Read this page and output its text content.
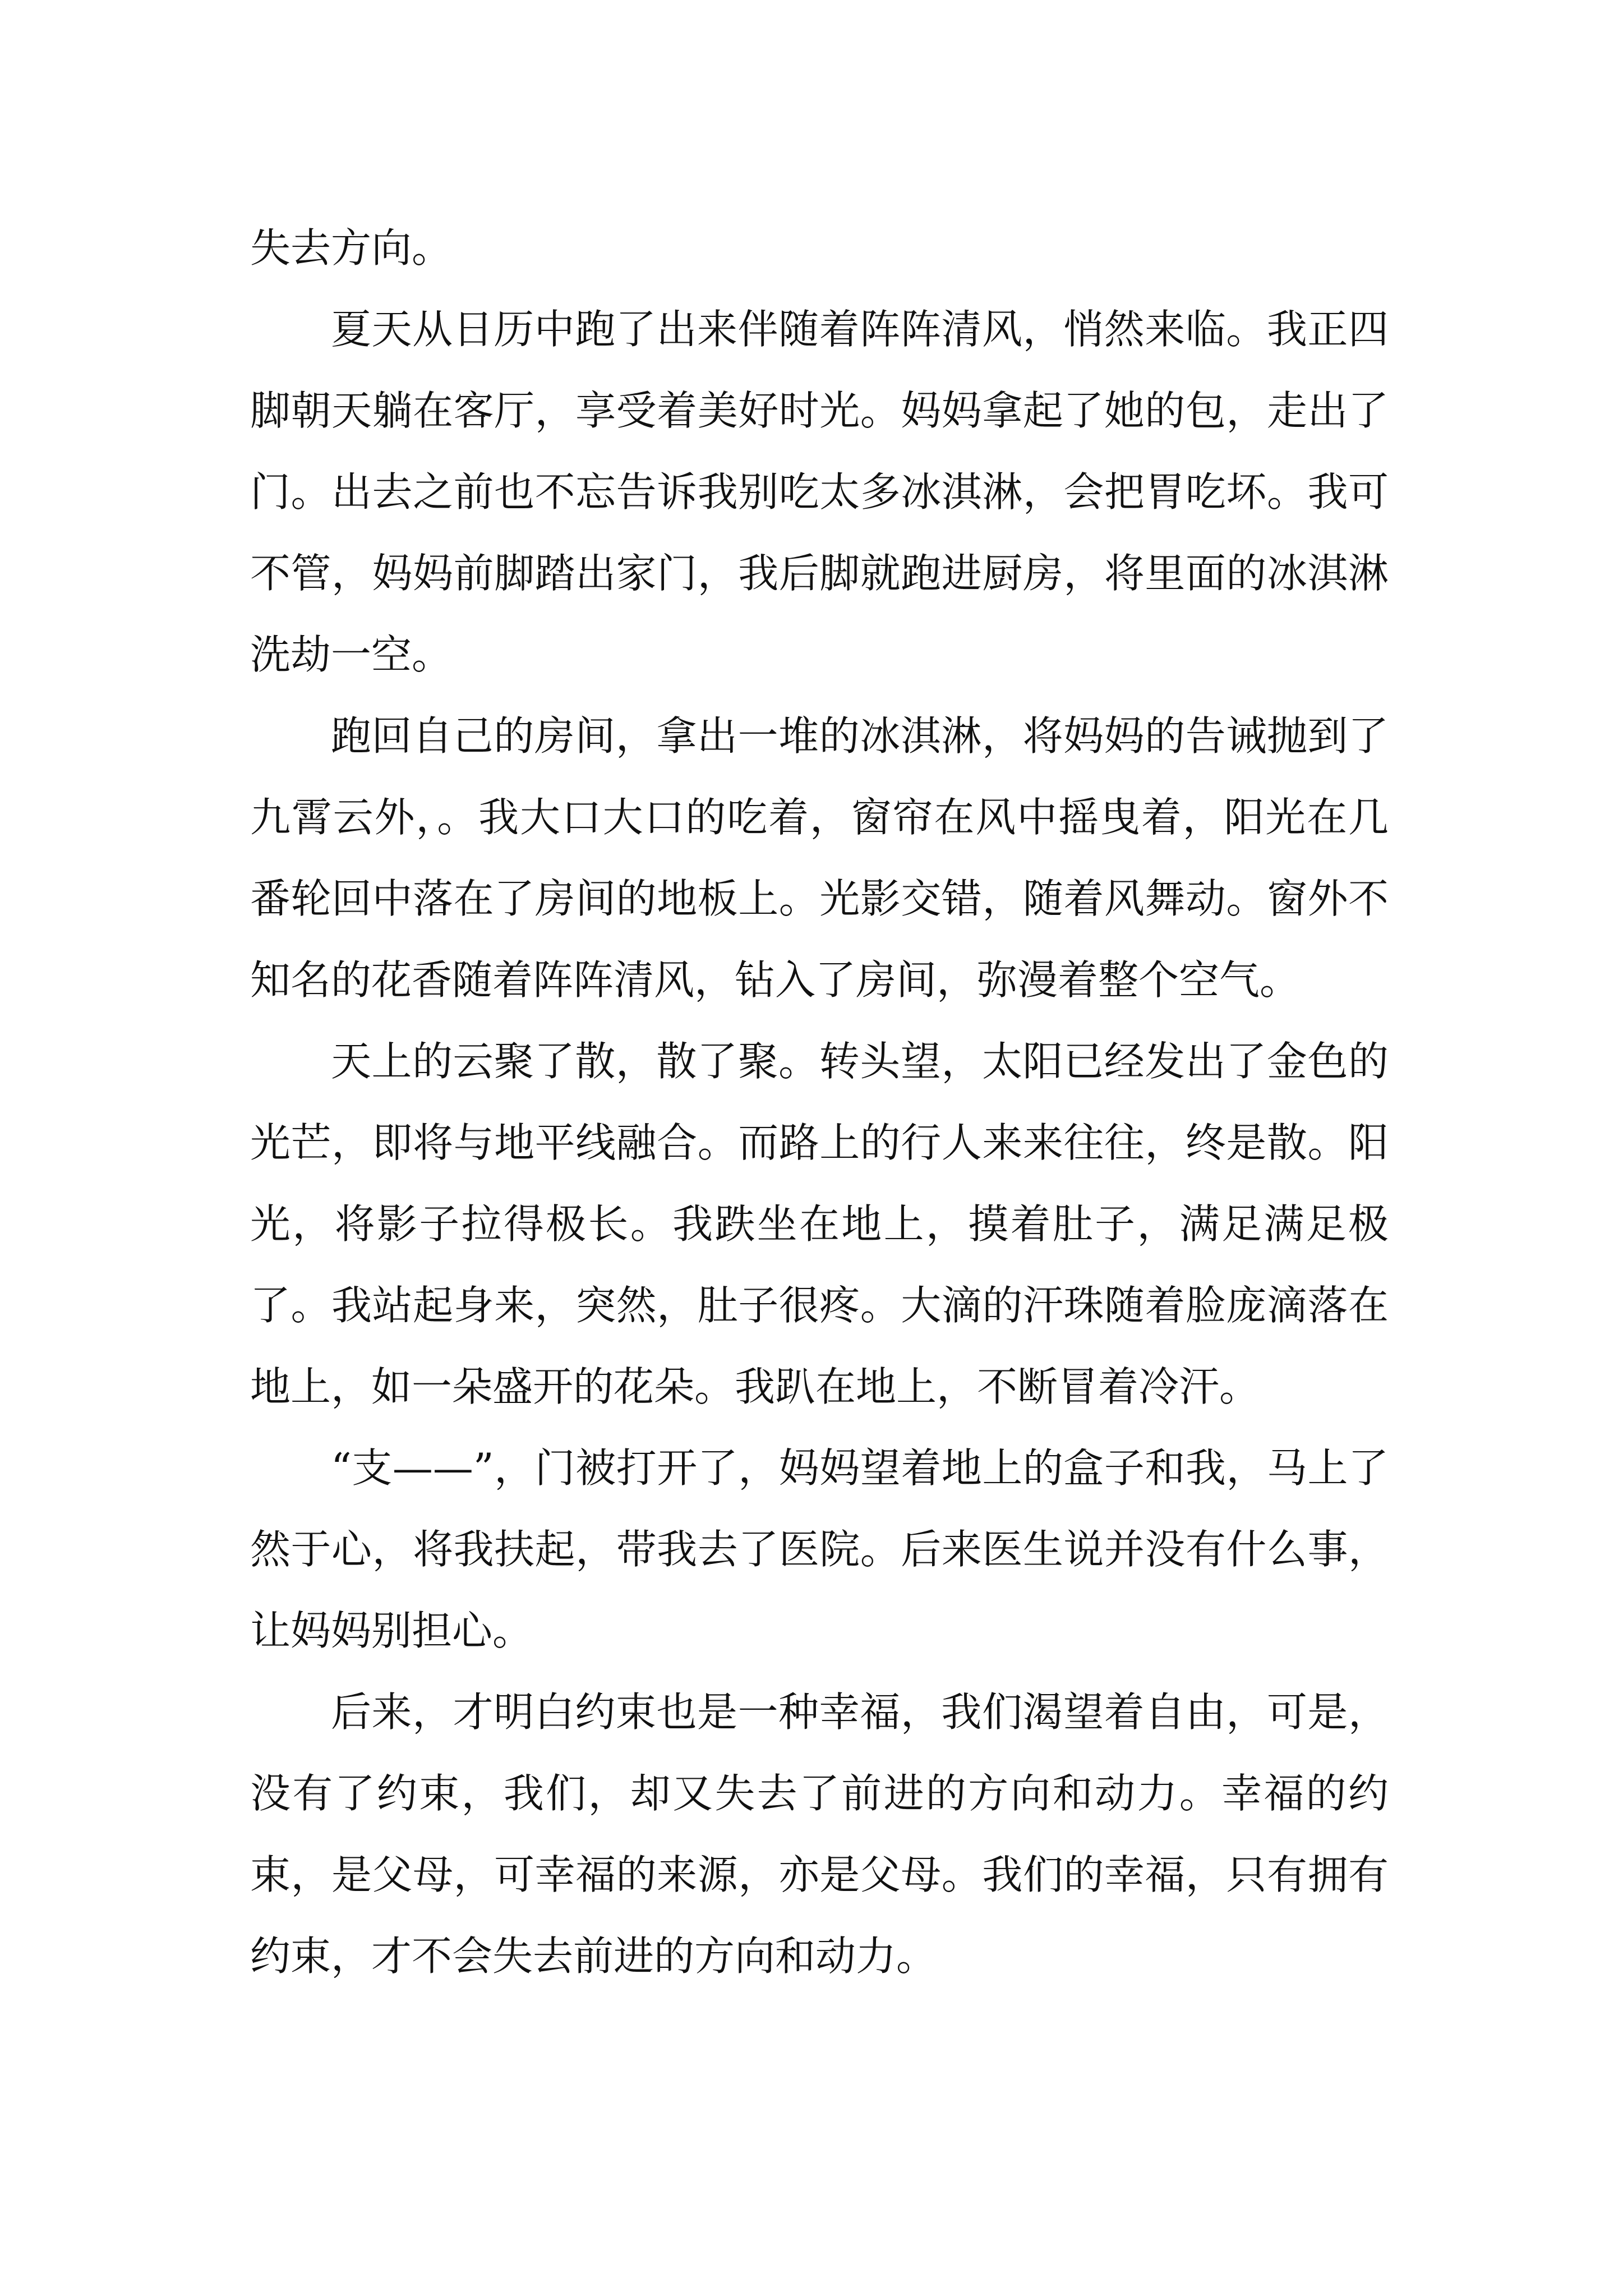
失去方向。

夏天从日历中跑了出来伴随着阵阵清风，悄然来临。我正四脚朝天躺在客厅，享受着美好时光。妈妈拿起了她的包，走出了门。出去之前也不忘告诉我别吃太多冰淇淋，会把胃吃坏。我可不管，妈妈前脚踏出家门，我后脚就跑进厨房，将里面的冰淇淋洗劫一空。

跑回自己的房间，拿出一堆的冰淇淋，将妈妈的告诫抛到了九霄云外，。我大口大口的吃着，窗帘在风中摇曳着，阳光在几番轮回中落在了房间的地板上。光影交错，随着风舞动。窗外不知名的花香随着阵阵清风，钻入了房间，弥漫着整个空气。

天上的云聚了散，散了聚。转头望，太阳已经发出了金色的光芒，即将与地平线融合。而路上的行人来来往往，终是散。阳光，将影子拉得极长。我跌坐在地上，摸着肚子，满足满足极了。我站起身来，突然，肚子很疼。大滴的汗珠随着脸庞滴落在地上，如一朵盛开的花朵。我趴在地上，不断冒着冷汗。

“支——”，门被打开了，妈妈望着地上的盒子和我，马上了然于心，将我扶起，带我去了医院。后来医生说并没有什么事，让妈妈别担心。

后来，才明白约束也是一种幸福，我们渴望着自由，可是，没有了约束，我们，却又失去了前进的方向和动力。幸福的约束，是父母，可幸福的来源，亦是父母。我们的幸福，只有拥有约束，才不会失去前进的方向和动力。
